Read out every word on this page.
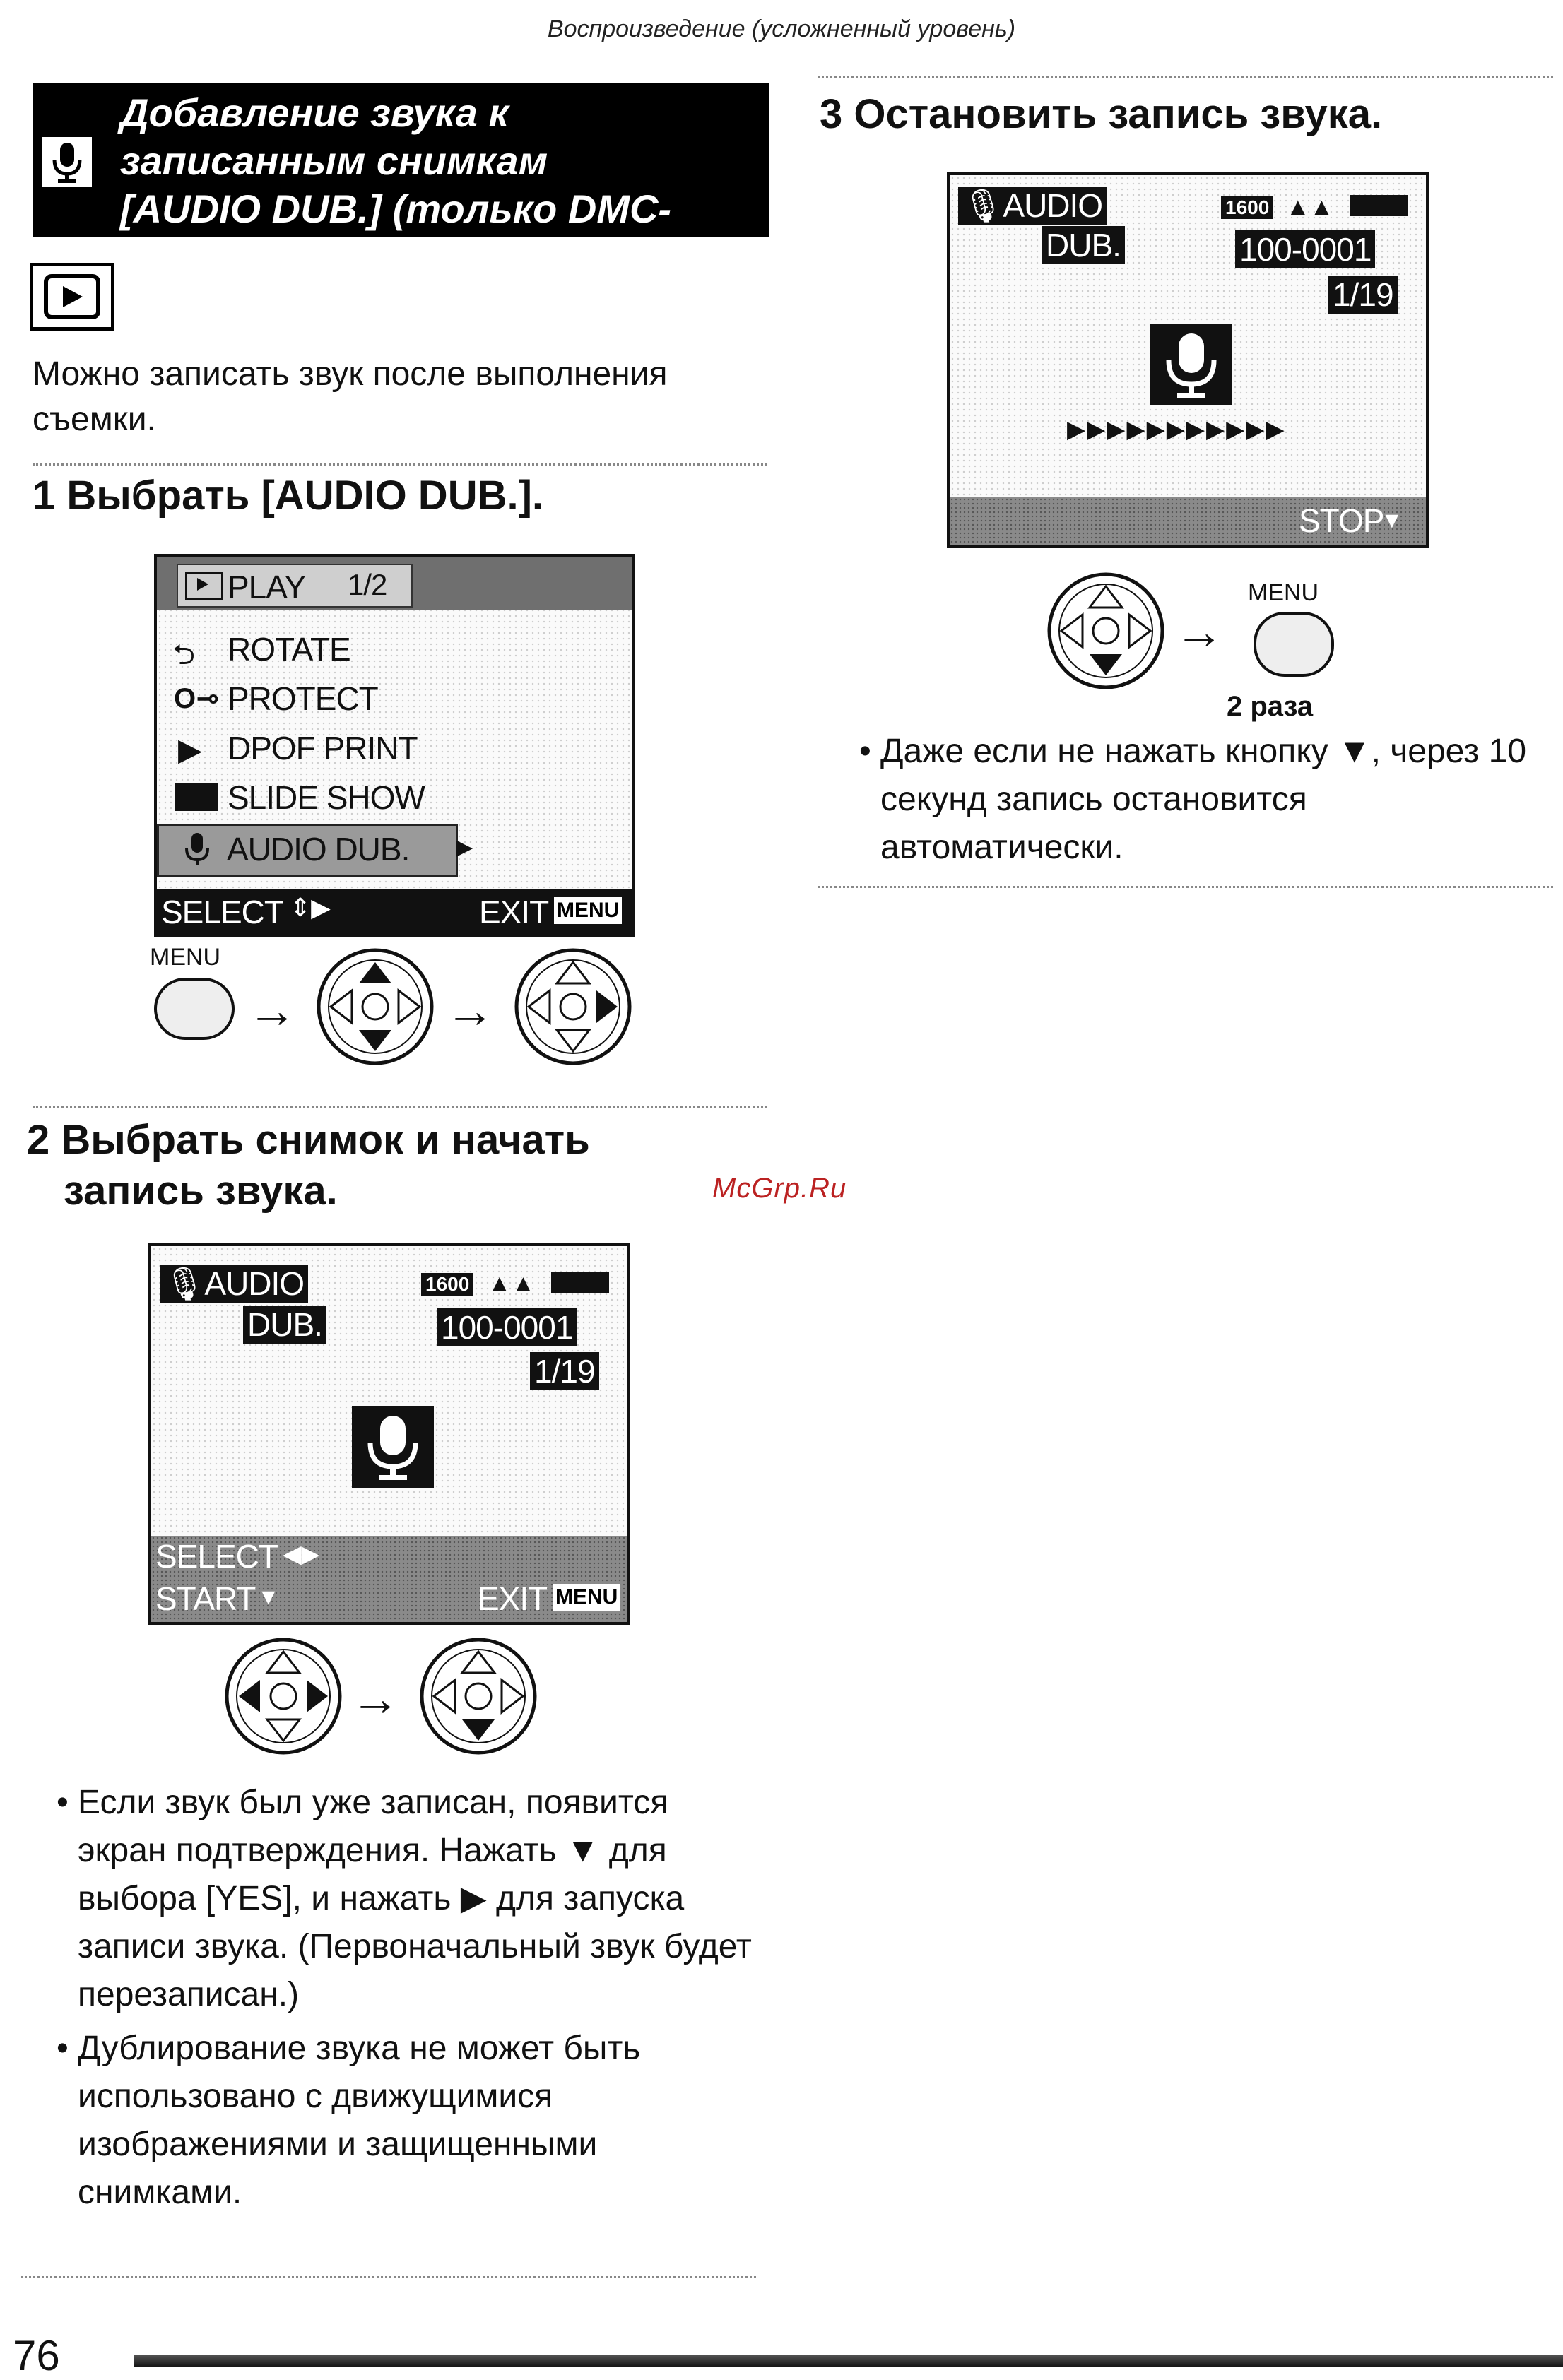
Воспроизведение (усложненный уровень)
Добавление звука к
записанным снимкам
[AUDIO DUB.] (только DMC-FX7)
Можно записать звук после выполнения съемки.
1 Выбрать [AUDIO DUB.].
PLAY 1/2
⮌ ROTATE
O⊸ PROTECT
▶ DPOF PRINT
SLIDE SHOW
AUDIO DUB. ▶
SELECT ⇕▶	EXIT MENU
MENU
→	→
2 Выбрать снимок и начать
запись звука.	McGrp.Ru
🎙AUDIO
DUB.
1600 ▲▲
100-0001
1/19
SELECT ◀▶
START ▼	EXIT MENU
→
• Если звук был уже записан, появится экран подтверждения. Нажать ▼ для выбора [YES], и нажать ▶ для запуска записи звука. (Первоначальный звук будет перезаписан.)
• Дублирование звука не может быть использовано с движущимися изображениями и защищенными снимками.
3 Остановить запись звука.
🎙AUDIO
DUB.
1600 ▲▲
100-0001
1/19
▶▶▶▶▶▶▶▶▶▶▶
STOP
▼
→
MENU
2 раза
• Даже если не нажать кнопку ▼, через 10 секунд запись остановится автоматически.
76
